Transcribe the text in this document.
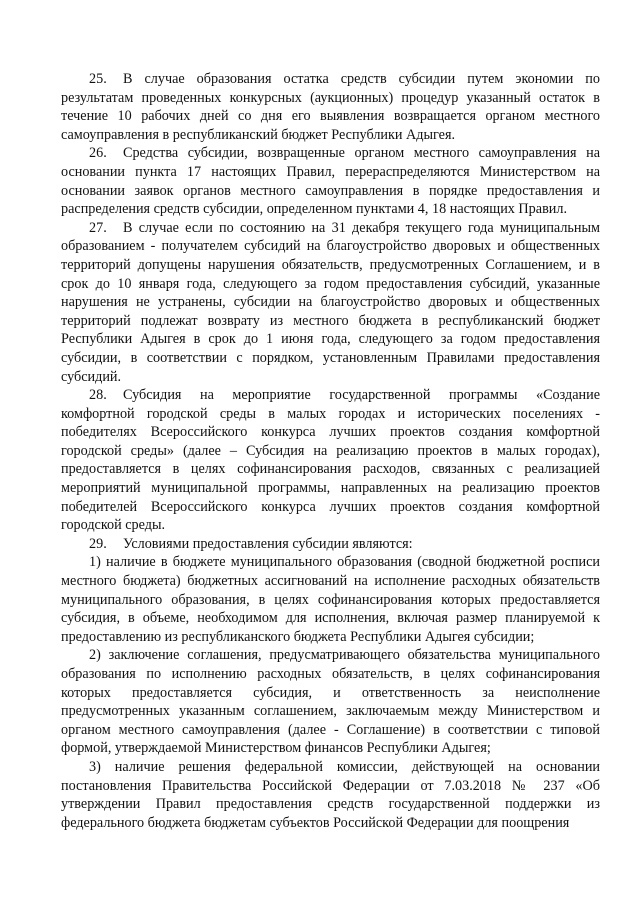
25. В случае образования остатка средств субсидии путем экономии по результатам проведенных конкурсных (аукционных) процедур указанный остаток в течение 10 рабочих дней со дня его выявления возвращается органом местного самоуправления в республиканский бюджет Республики Адыгея.

26. Средства субсидии, возвращенные органом местного самоуправления на основании пункта 17 настоящих Правил, перераспределяются Министерством на основании заявок органов местного самоуправления в порядке предоставления и распределения средств субсидии, определенном пунктами 4, 18 настоящих Правил.

27. В случае если по состоянию на 31 декабря текущего года муниципальным образованием - получателем субсидий на благоустройство дворовых и общественных территорий допущены нарушения обязательств, предусмотренных Соглашением, и в срок до 10 января года, следующего за годом предоставления субсидий, указанные нарушения не устранены, субсидии на благоустройство дворовых и общественных территорий подлежат возврату из местного бюджета в республиканский бюджет Республики Адыгея в срок до 1 июня года, следующего за годом предоставления субсидии, в соответствии с порядком, установленным Правилами предоставления субсидий.

28. Субсидия на мероприятие государственной программы «Создание комфортной городской среды в малых городах и исторических поселениях - победителях Всероссийского конкурса лучших проектов создания комфортной городской среды» (далее – Субсидия на реализацию проектов в малых городах), предоставляется в целях софинансирования расходов, связанных с реализацией мероприятий муниципальной программы, направленных на реализацию проектов победителей Всероссийского конкурса лучших проектов создания комфортной городской среды.

29. Условиями предоставления субсидии являются:

1) наличие в бюджете муниципального образования (сводной бюджетной росписи местного бюджета) бюджетных ассигнований на исполнение расходных обязательств муниципального образования, в целях софинансирования которых предоставляется субсидия, в объеме, необходимом для исполнения, включая размер планируемой к предоставлению из республиканского бюджета Республики Адыгея субсидии;

2) заключение соглашения, предусматривающего обязательства муниципального образования по исполнению расходных обязательств, в целях софинансирования которых предоставляется субсидия, и ответственность за неисполнение предусмотренных указанным соглашением, заключаемым между Министерством и органом местного самоуправления (далее - Соглашение) в соответствии с типовой формой, утверждаемой Министерством финансов Республики Адыгея;

3) наличие решения федеральной комиссии, действующей на основании постановления Правительства Российской Федерации от 7.03.2018 № 237 «Об утверждении Правил предоставления средств государственной поддержки из федерального бюджета бюджетам субъектов Российской Федерации для поощрения
